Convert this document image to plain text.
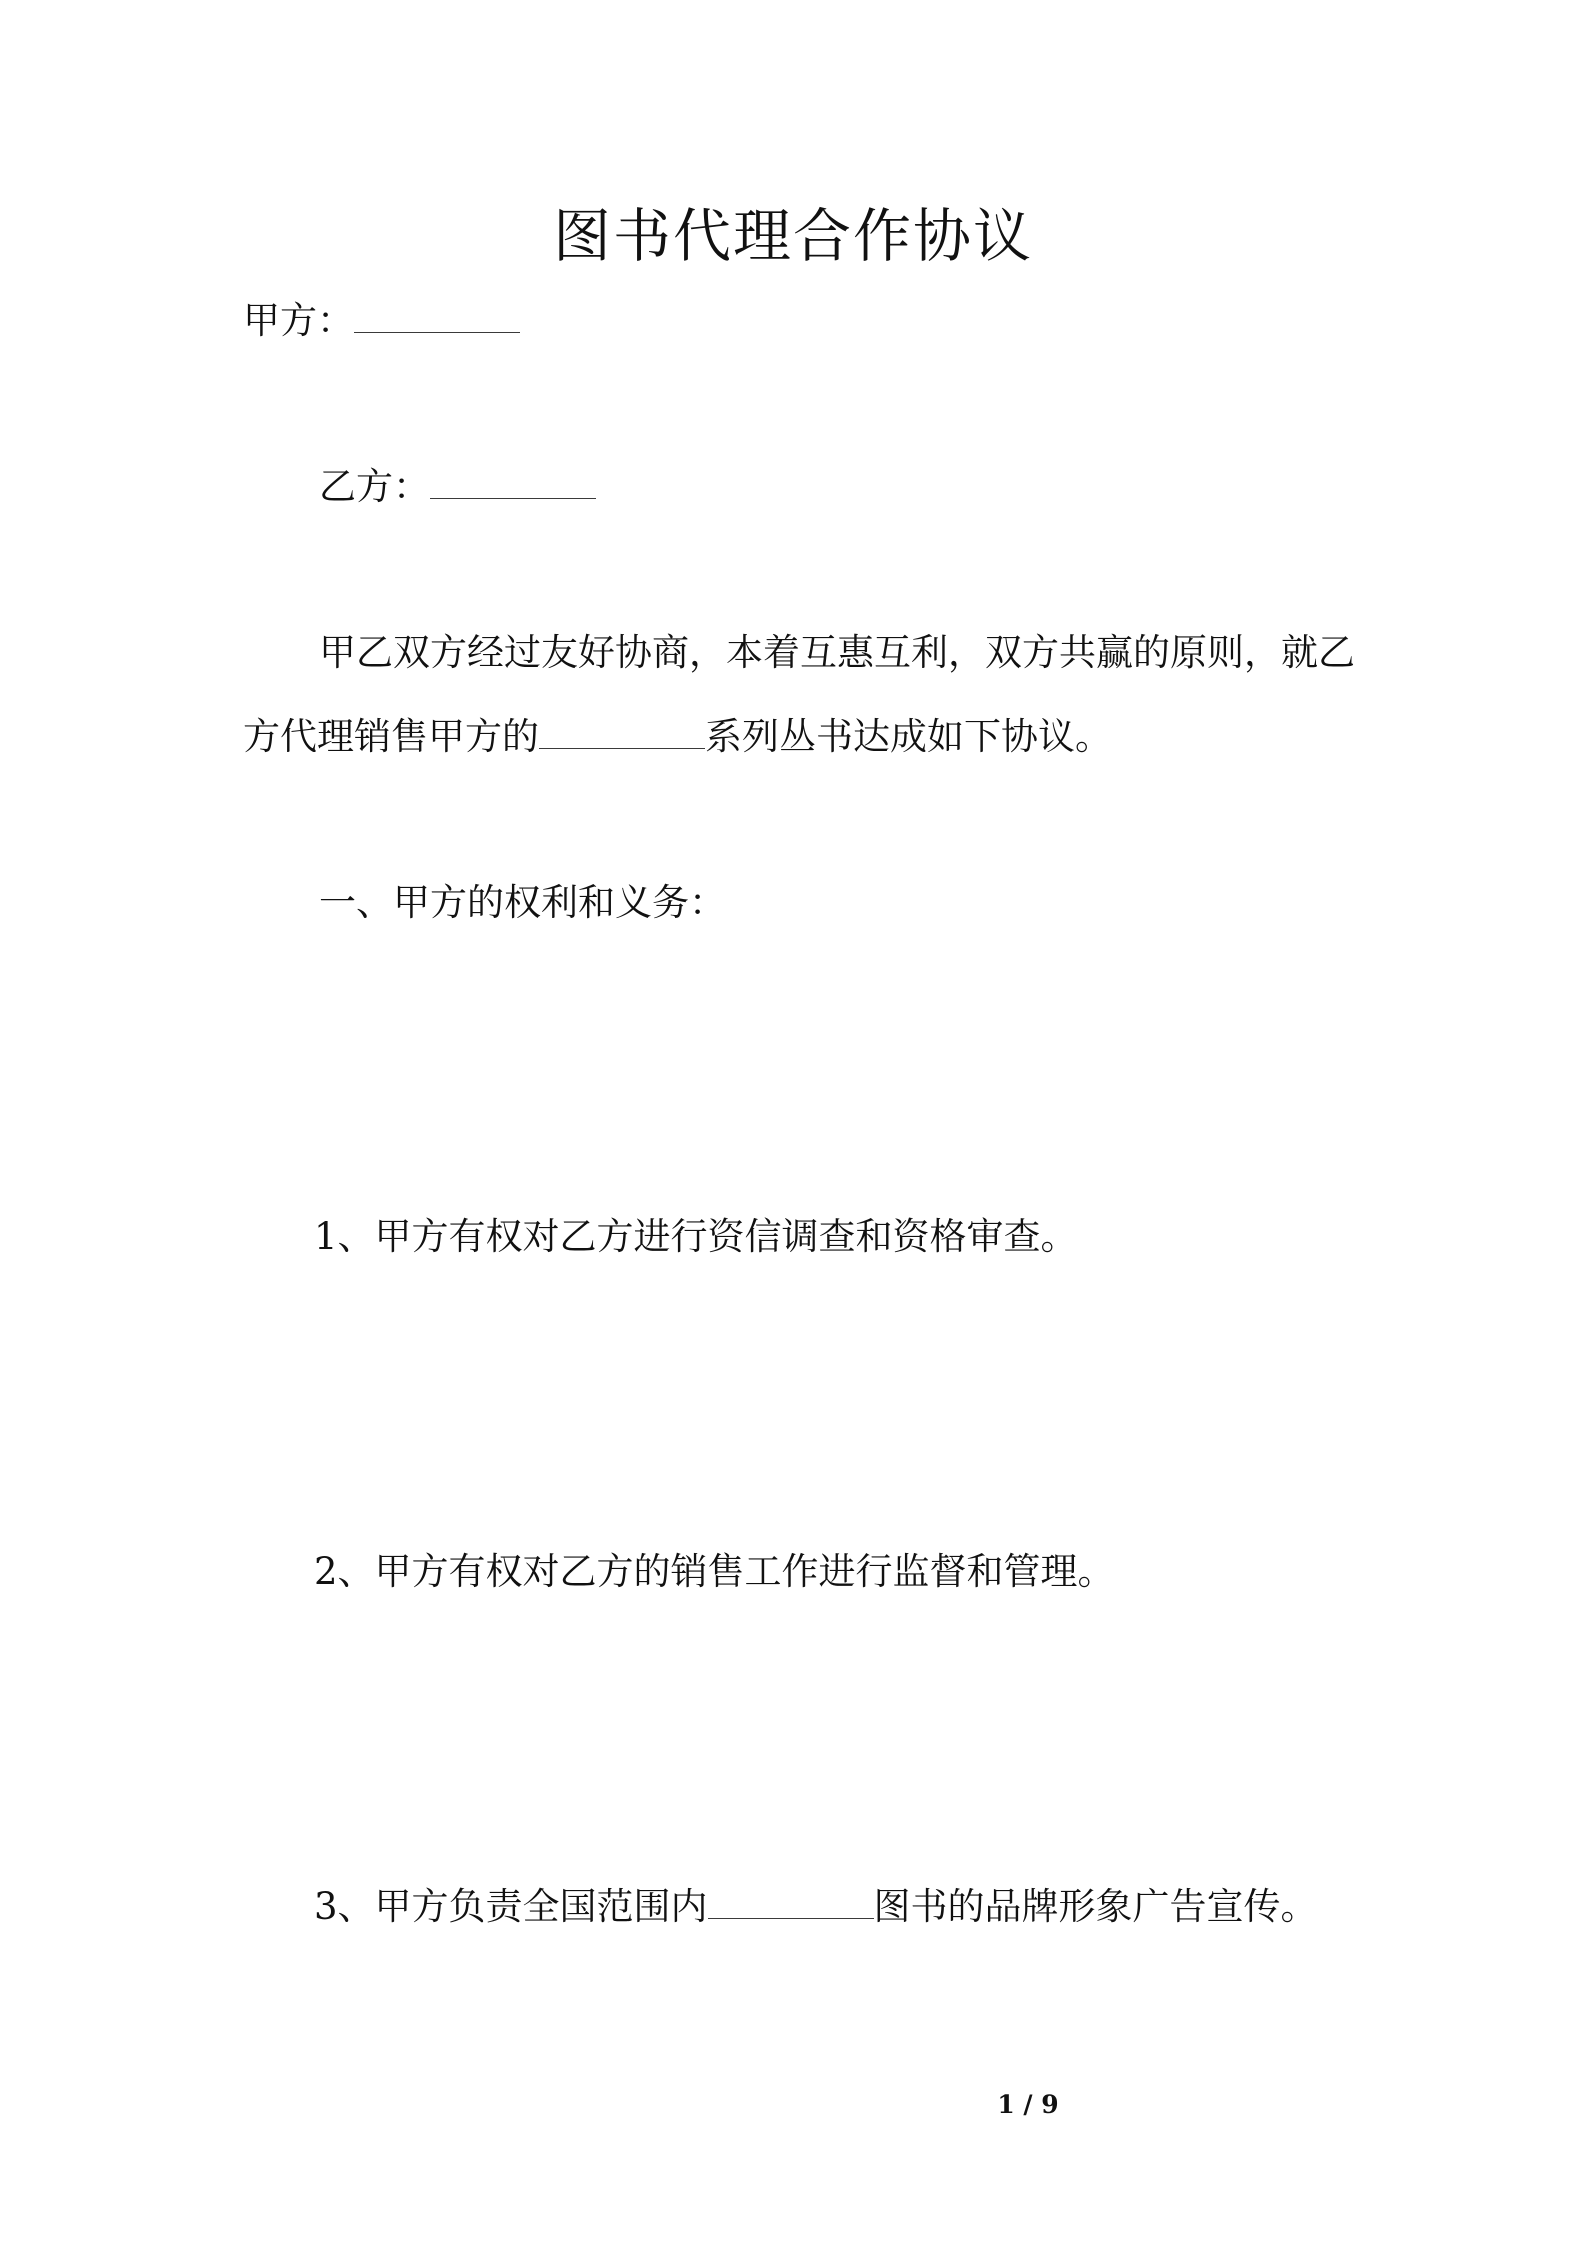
图书代理合作协议
甲方：
乙方：
甲乙双方经过友好协商，本着互惠互利，双方共赢的原则，就乙
方代理销售甲方的	系列丛书达成如下协议。
一、甲方的权利和义务：
1、甲方有权对乙方进行资信调查和资格审查。
2、甲方有权对乙方的销售工作进行监督和管理。
3、甲方负责全国范围内	图书的品牌形象广告宣传。
1 / 9
